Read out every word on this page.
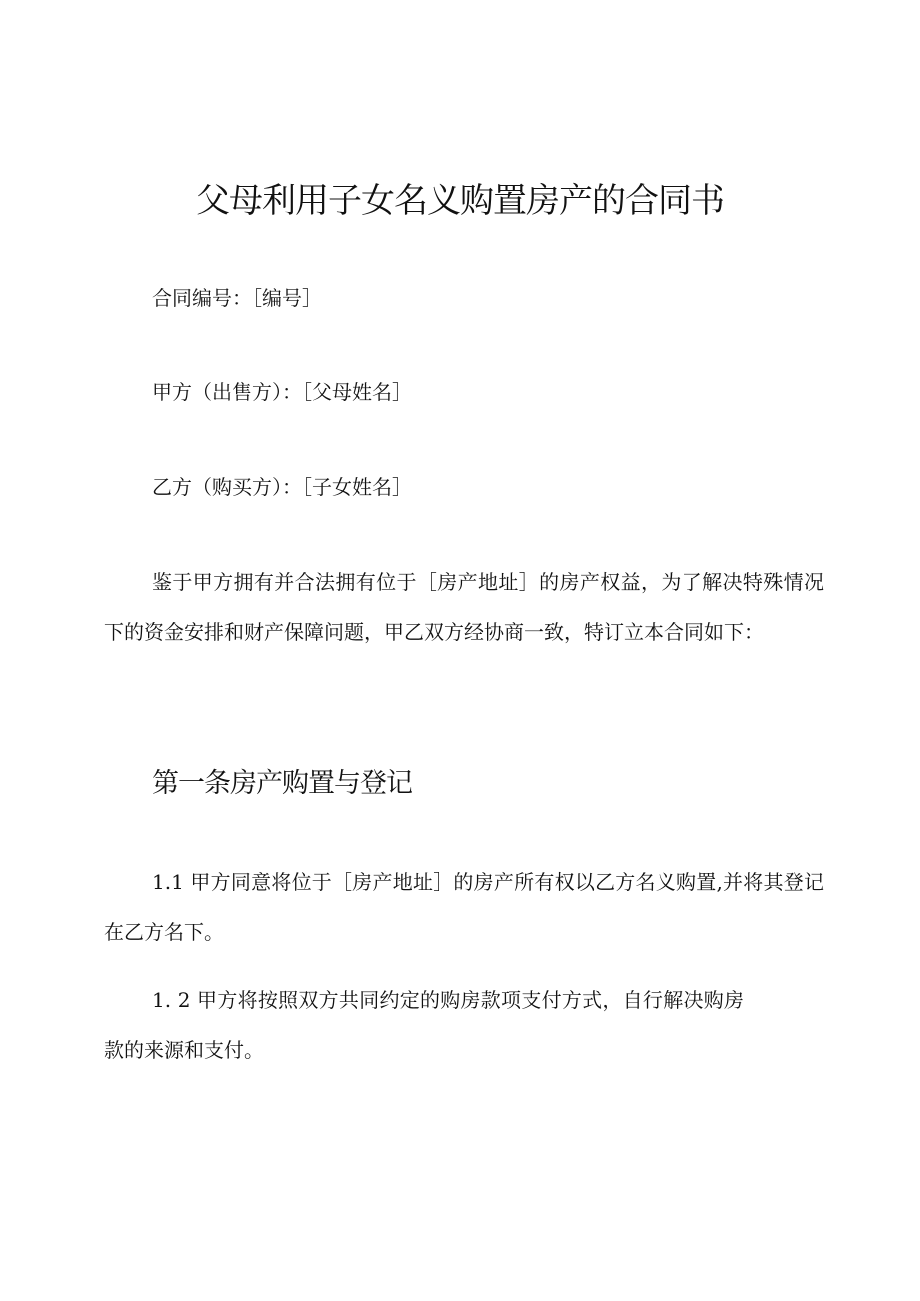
父母利用子女名义购置房产的合同书
合同编号：［编号］
甲方（出售方）：［父母姓名］
乙方（购买方）：［子女姓名］

鉴于甲方拥有并合法拥有位于［房产地址］的房产权益，为了解决特殊情况下的资金安排和财产保障问题，甲乙双方经协商一致，特订立本合同如下：

第一条房产购置与登记

1.1 甲方同意将位于［房产地址］的房产所有权以乙方名义购置,并将其登记在乙方名下。

1. 2 甲方将按照双方共同约定的购房款项支付方式，自行解决购房款的来源和支付。
